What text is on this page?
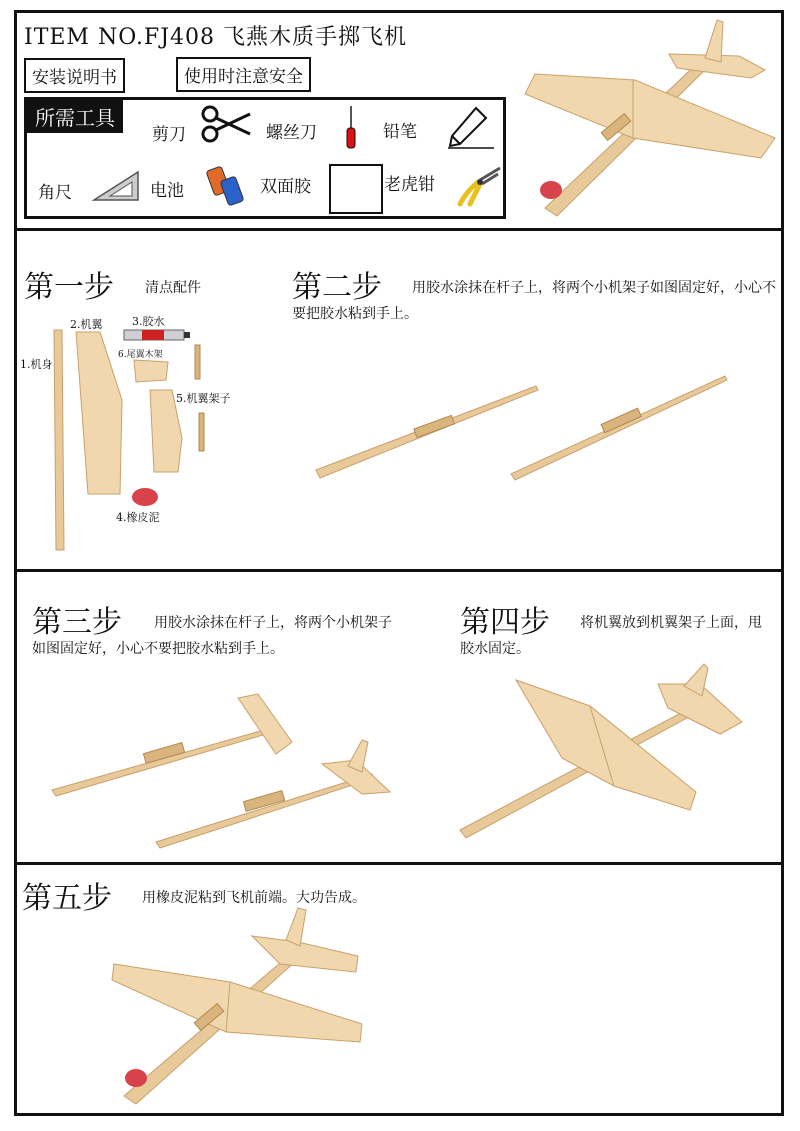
ITEM NO.FJ408 飞燕木质手掷飞机
安装说明书	使用时注意安全
所需工具
剪刀	螺丝刀	铅笔
角尺	电池	双面胶	老虎钳
第一步 清点配件
1.机身
2.机翼	3.胶水
6.尾翼木架
5.机翼架子
4.橡皮泥
第二步	用胶水涂抹在杆子上，将两个小机架子如图固定好，小心不要把胶水粘到手上。
第三步	用胶水涂抹在杆子上，将两个小机架子如图固定好，小心不要把胶水粘到手上。
第四步	将机翼放到机翼架子上面，甩胶水固定。
第五步 用橡皮泥粘到飞机前端。大功告成。
